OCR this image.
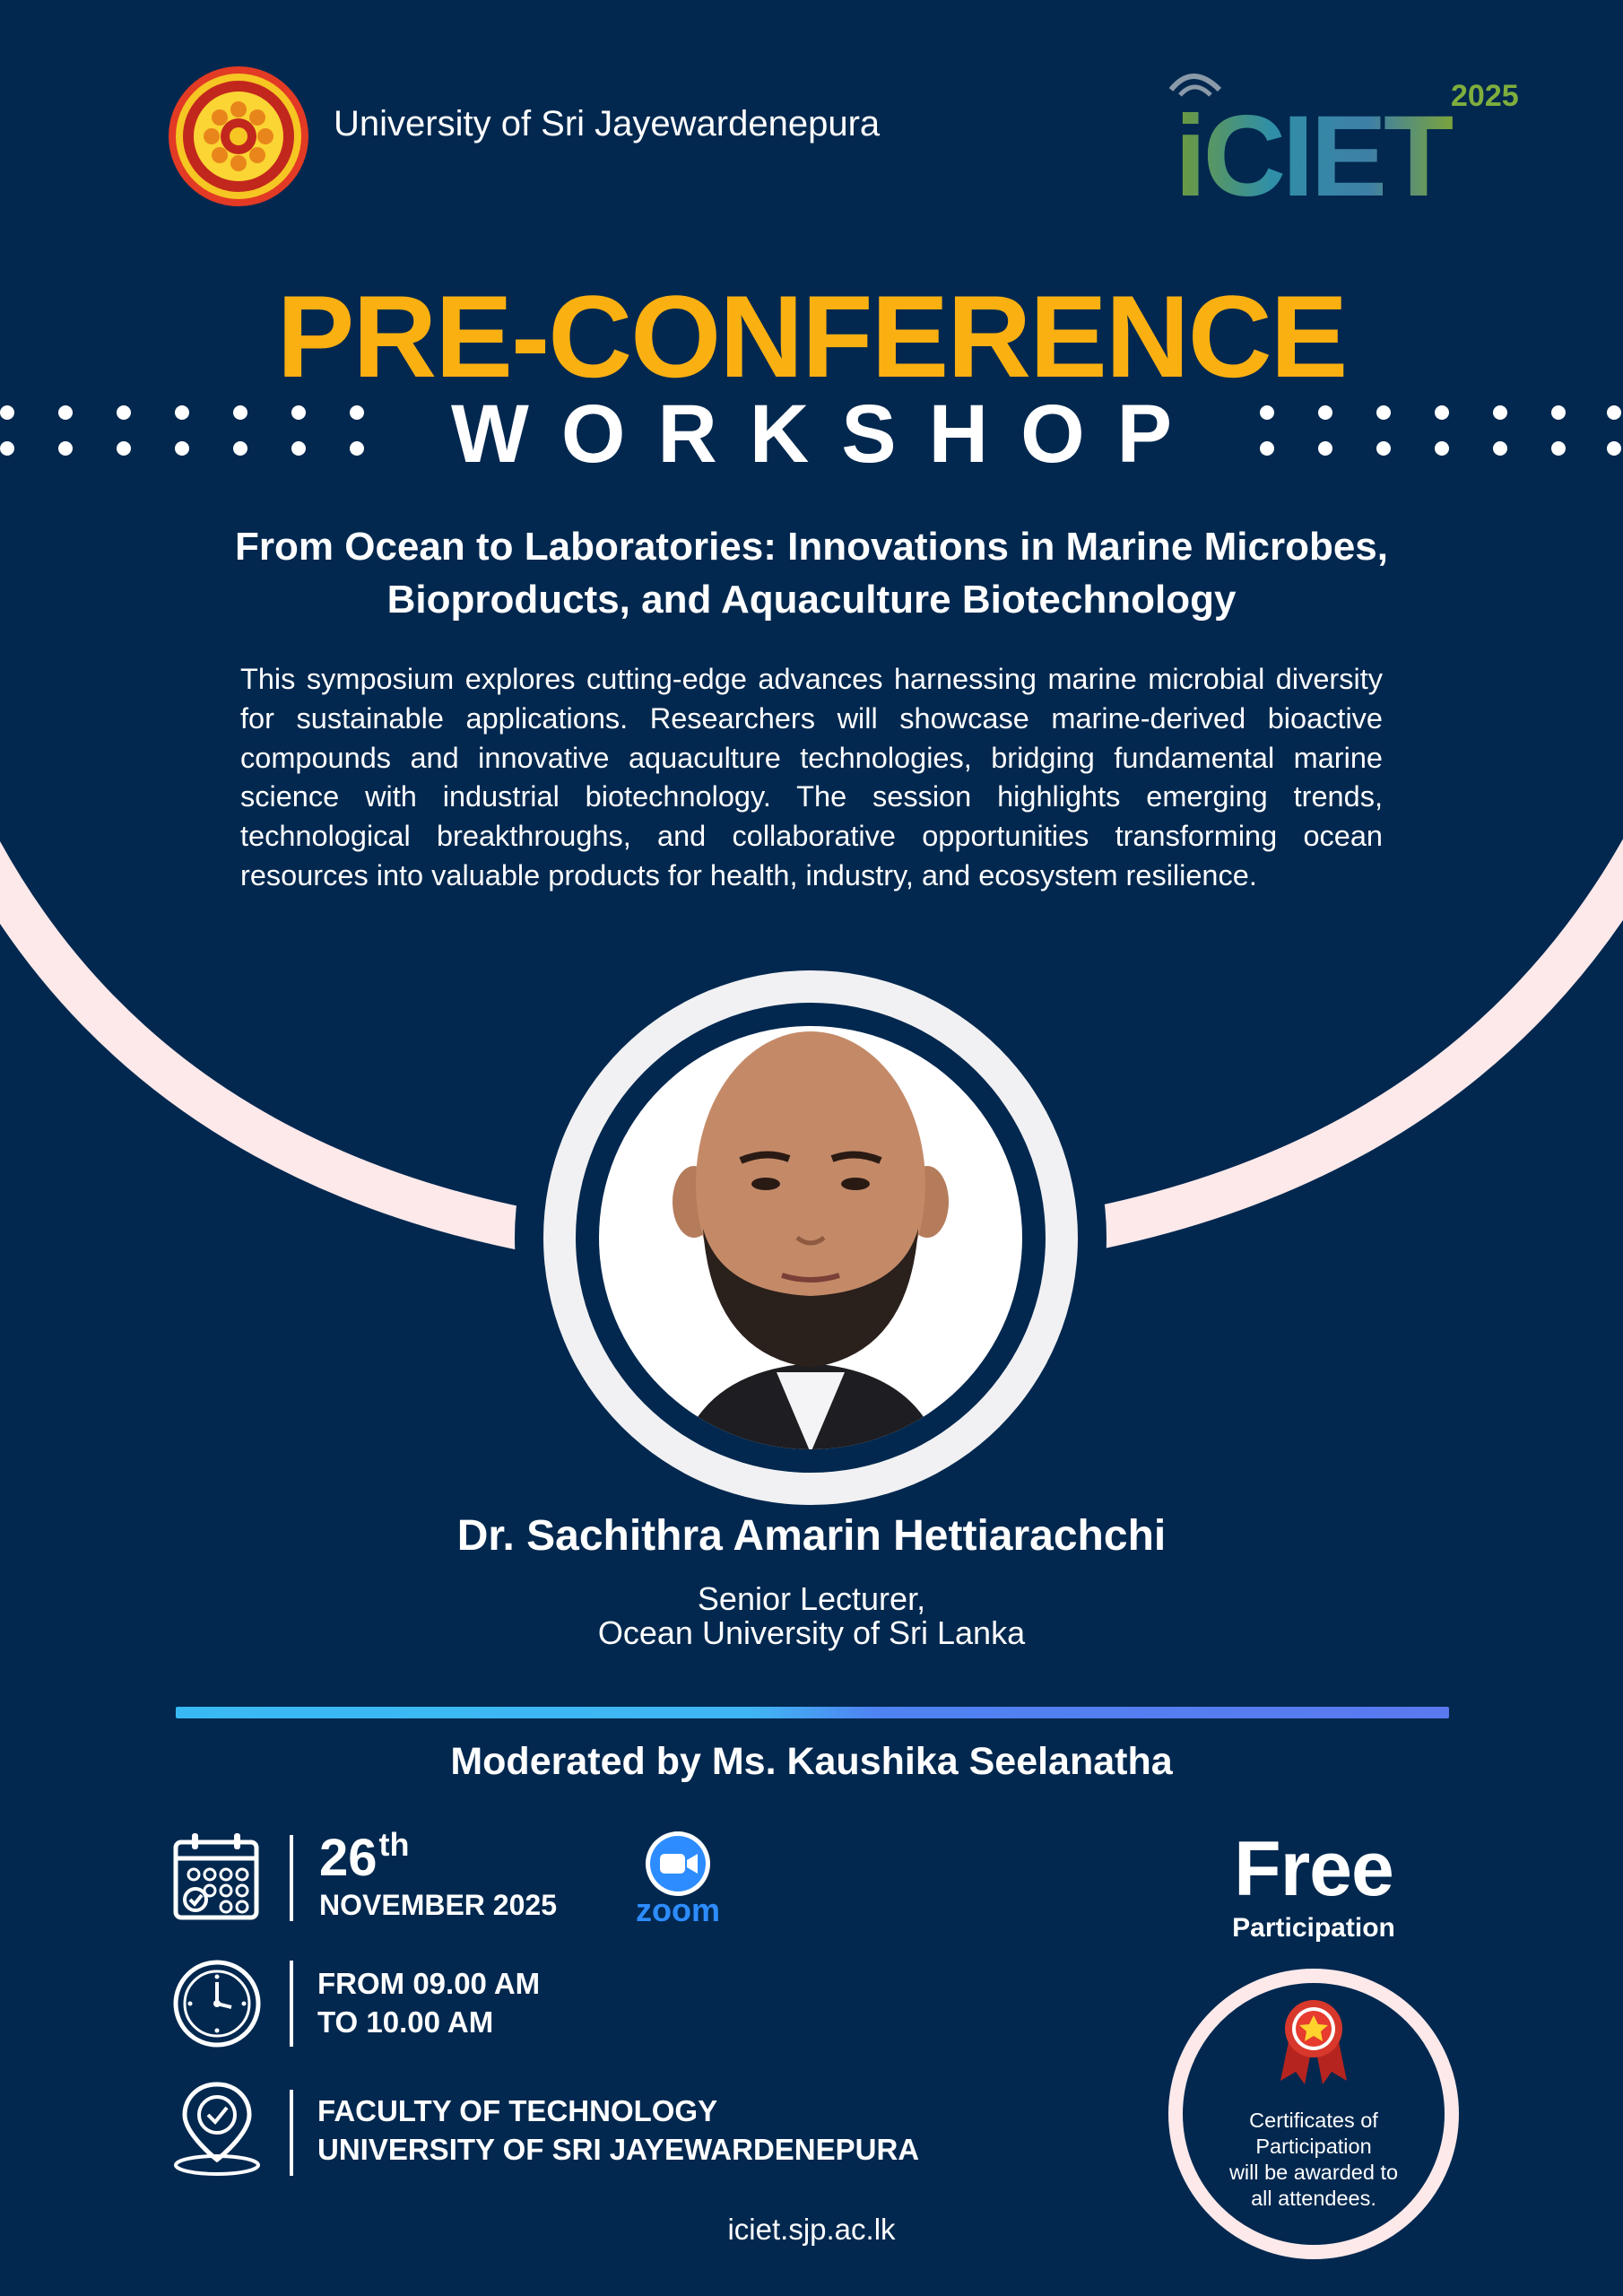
University of Sri Jayewardenepura	iCIET 2025
PRE-CONFERENCE
WORKSHOP
From Ocean to Laboratories: Innovations in Marine Microbes,
Bioproducts, and Aquaculture Biotechnology
This symposium explores cutting-edge advances harnessing marine microbial diversity for sustainable applications. Researchers will showcase marine-derived bioactive compounds and innovative aquaculture technologies, bridging fundamental marine science with industrial biotechnology. The session highlights emerging trends, technological breakthroughs, and collaborative opportunities transforming ocean resources into valuable products for health, industry, and ecosystem resilience.
Dr. Sachithra Amarin Hettiarachchi
Senior Lecturer,
Ocean University of Sri Lanka
Moderated by Ms. Kaushika Seelanatha
26th
NOVEMBER 2025 zoom
FROM 09.00 AM
TO 10.00 AM
FACULTY OF TECHNOLOGY
UNIVERSITY OF SRI JAYEWARDENEPURA
Free
Participation
Certificates of
Participation
will be awarded to
all attendees.
iciet.sjp.ac.lk
